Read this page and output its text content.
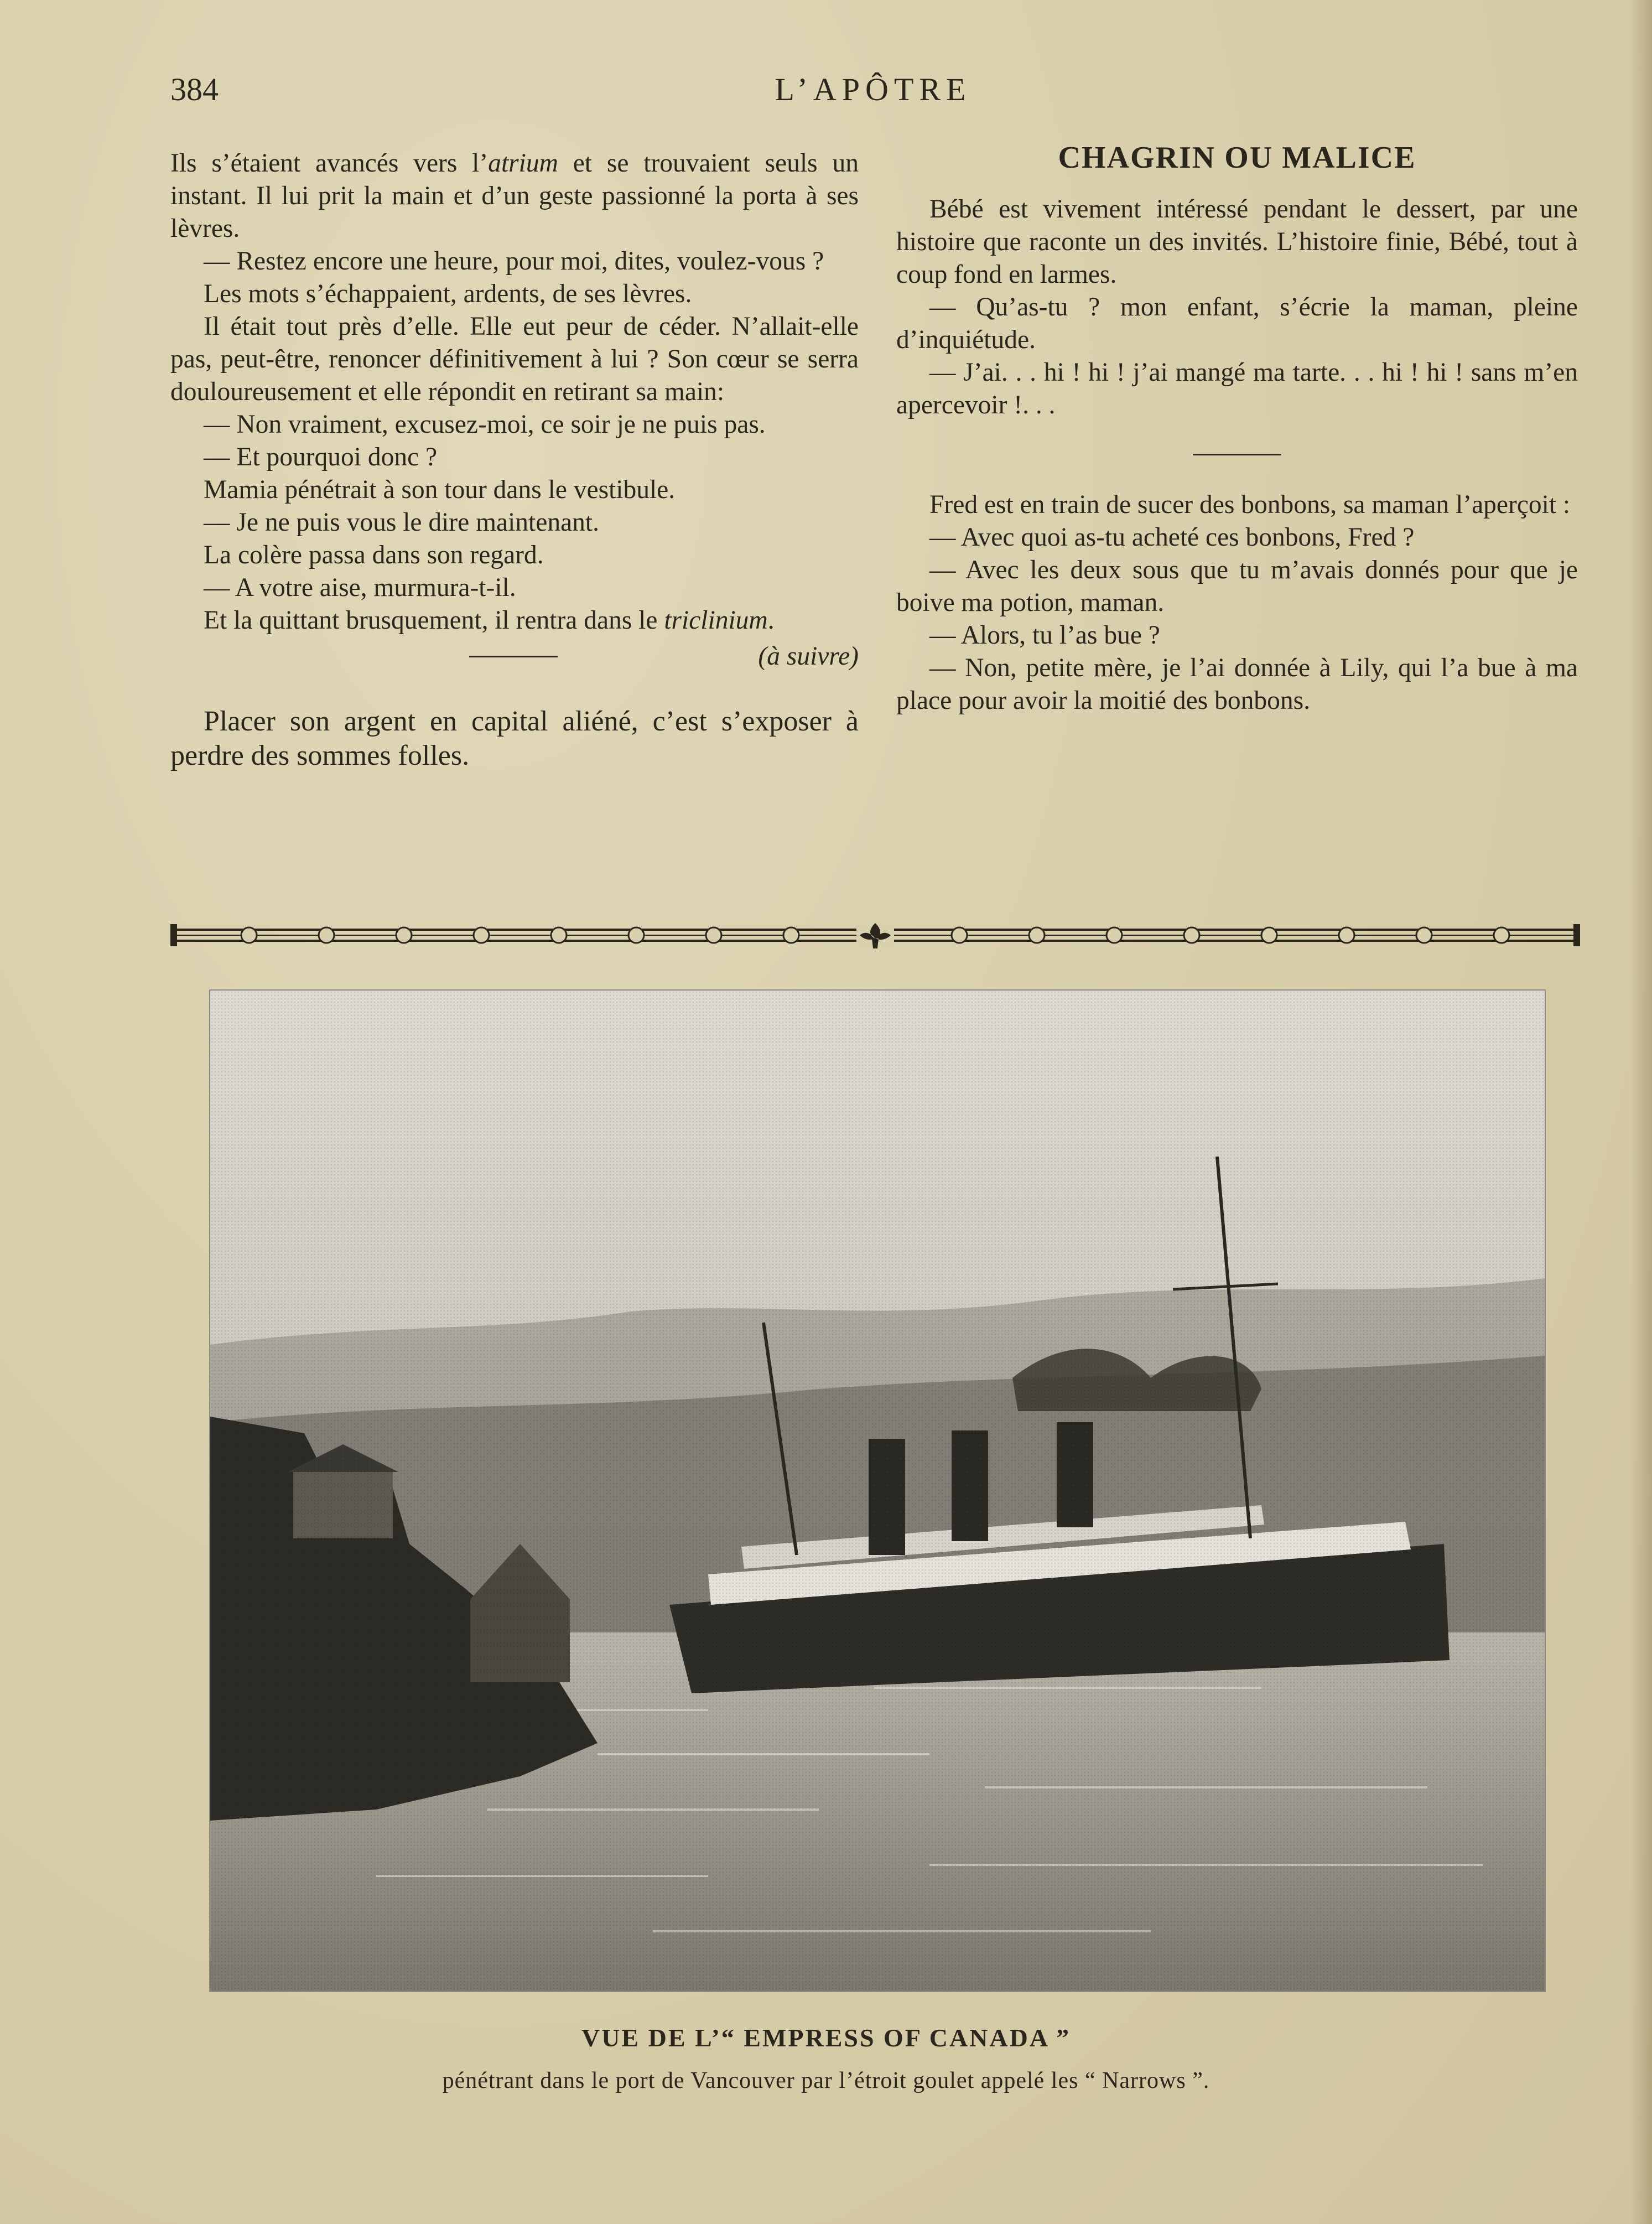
384	L’APÔTRE

Ils s’étaient avancés vers l’atrium et se trouvaient seuls un instant. Il lui prit la main et d’un geste passionné la porta à ses lèvres.

— Restez encore une heure, pour moi, dites, voulez-vous ?

Les mots s’échappaient, ardents, de ses lèvres.

Il était tout près d’elle. Elle eut peur de céder. N’allait-elle pas, peut-être, renoncer définitivement à lui ? Son cœur se serra douloureusement et elle répondit en retirant sa main:

— Non vraiment, excusez-moi, ce soir je ne puis pas.

— Et pourquoi donc ?

Mamia pénétrait à son tour dans le vestibule.

— Je ne puis vous le dire maintenant.

La colère passa dans son regard.

— A votre aise, murmura-t-il.

Et la quittant brusquement, il rentra dans le triclinium.

(à suivre)

Placer son argent en capital aliéné, c’est s’exposer à perdre des sommes folles.

CHAGRIN OU MALICE

Bébé est vivement intéressé pendant le dessert, par une histoire que raconte un des invités. L’histoire finie, Bébé, tout à coup fond en larmes.

— Qu’as-tu ? mon enfant, s’écrie la maman, pleine d’inquiétude.

— J’ai. . . hi ! hi ! j’ai mangé ma tarte. . . hi ! hi ! sans m’en apercevoir !. . .

Fred est en train de sucer des bonbons, sa maman l’aperçoit :

— Avec quoi as-tu acheté ces bonbons, Fred ?

— Avec les deux sous que tu m’avais donnés pour que je boive ma potion, maman.

— Alors, tu l’as bue ?

— Non, petite mère, je l’ai donnée à Lily, qui l’a bue à ma place pour avoir la moitié des bonbons.

VUE DE L’“ EMPRESS OF CANADA ”
pénétrant dans le port de Vancouver par l’étroit goulet appelé les “ Narrows ”.
